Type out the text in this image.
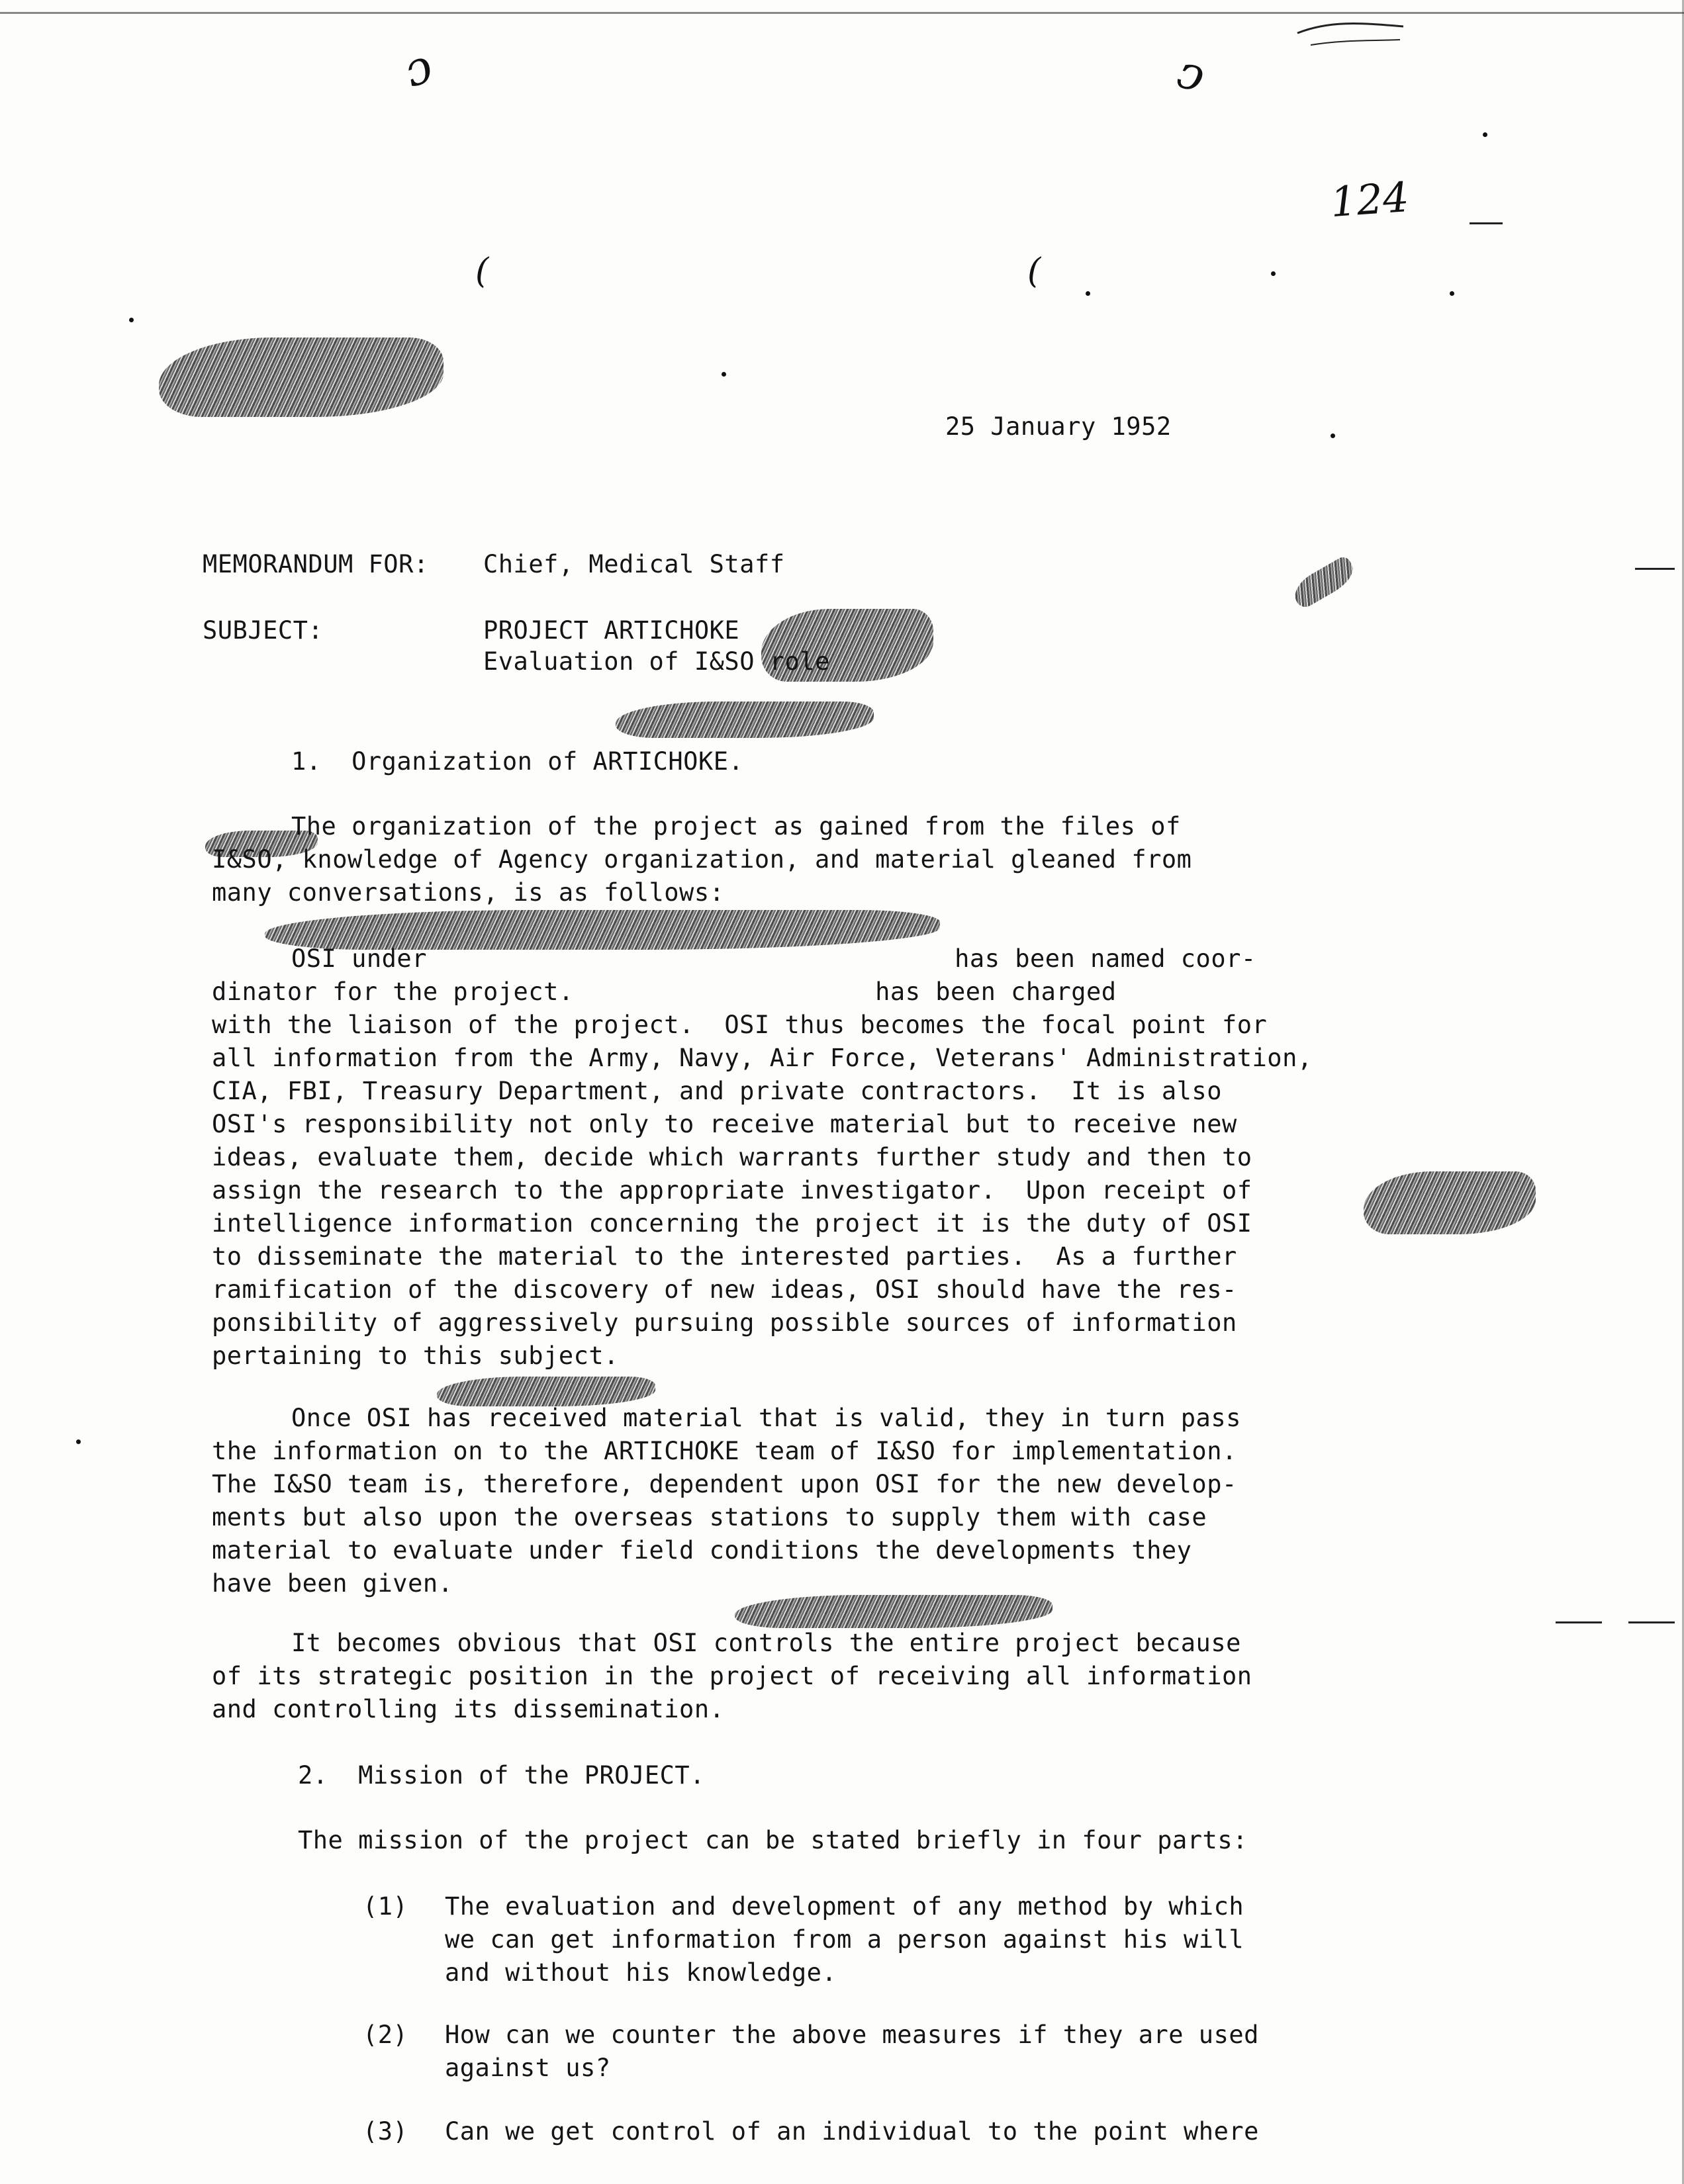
ɔ	ↄ
124
(	(
25 January 1952
MEMORANDUM FOR: Chief, Medical Staff
SUBJECT:	PROJECT ARTICHOKE
Evaluation of I&SO role
1.  Organization of ARTICHOKE.
The organization of the project as gained from the files of
I&SO, knowledge of Agency organization, and material gleaned from
many conversations, is as follows:
OSI under                                   has been named coor-
dinator for the project.                    has been charged
with the liaison of the project.  OSI thus becomes the focal point for
all information from the Army, Navy, Air Force, Veterans' Administration,
CIA, FBI, Treasury Department, and private contractors.  It is also
OSI's responsibility not only to receive material but to receive new
ideas, evaluate them, decide which warrants further study and then to
assign the research to the appropriate investigator.  Upon receipt of
intelligence information concerning the project it is the duty of OSI
to disseminate the material to the interested parties.  As a further
ramification of the discovery of new ideas, OSI should have the res-
ponsibility of aggressively pursuing possible sources of information
pertaining to this subject.
Once OSI has received material that is valid, they in turn pass
the information on to the ARTICHOKE team of I&SO for implementation.
The I&SO team is, therefore, dependent upon OSI for the new develop-
ments but also upon the overseas stations to supply them with case
material to evaluate under field conditions the developments they
have been given.
It becomes obvious that OSI controls the entire project because
of its strategic position in the project of receiving all information
and controlling its dissemination.
2.  Mission of the PROJECT.
The mission of the project can be stated briefly in four parts:
(1) The evaluation and development of any method by which
we can get information from a person against his will
and without his knowledge.
(2) How can we counter the above measures if they are used
against us?
(3) Can we get control of an individual to the point where
